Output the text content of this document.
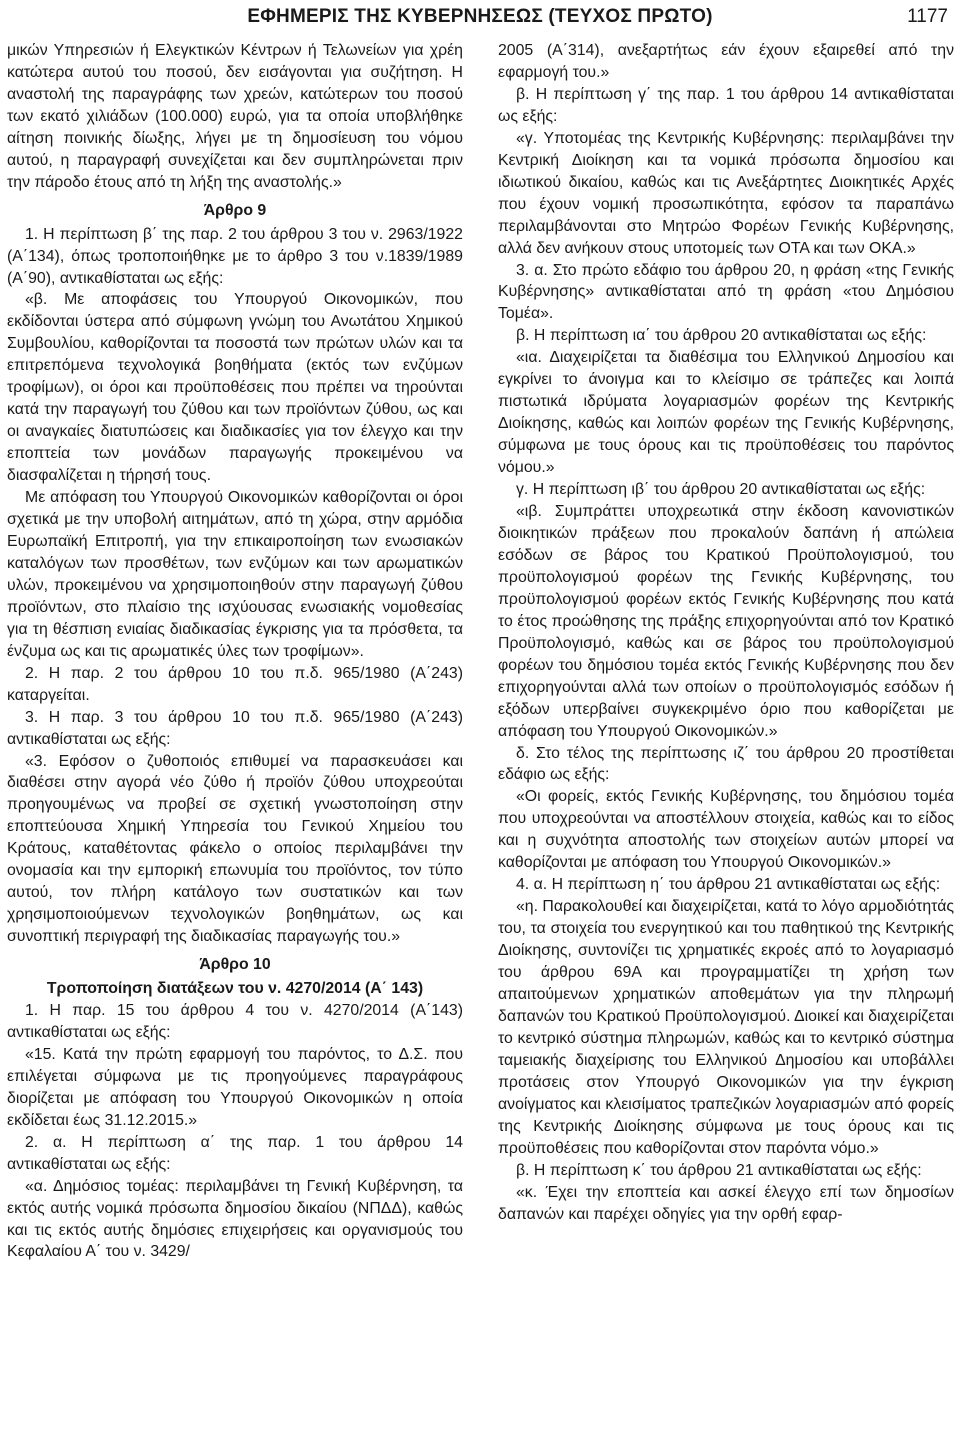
ΕΦΗΜΕΡΙΣ ΤΗΣ ΚΥΒΕΡΝΗΣΕΩΣ (ΤΕΥΧΟΣ ΠΡΩΤΟ)	1177

μικών Υπηρεσιών ή Ελεγκτικών Κέντρων ή Τελωνείων για χρέη κατώτερα αυτού του ποσού, δεν εισάγονται για συζήτηση. Η αναστολή της παραγράφης των χρεών, κατώτερων του ποσού των εκατό χιλιάδων (100.000) ευρώ, για τα οποία υποβλήθηκε αίτηση ποινικής δίωξης, λήγει με τη δημοσίευση του νόμου αυτού, η παραγραφή συνεχίζεται και δεν συμπληρώνεται πριν την πάροδο έτους από τη λήξη της αναστολής.»

Άρθρο 9

1. Η περίπτωση β΄ της παρ. 2 του άρθρου 3 του ν. 2963/1922 (Α΄134), όπως τροποποιήθηκε με το άρθρο 3 του ν.1839/1989 (Α΄90), αντικαθίσταται ως εξής:

«β. Με αποφάσεις του Υπουργού Οικονομικών, που εκδίδονται ύστερα από σύμφωνη γνώμη του Ανωτάτου Χημικού Συμβουλίου, καθορίζονται τα ποσοστά των πρώτων υλών και τα επιτρεπόμενα τεχνολογικά βοηθήματα (εκτός των ενζύμων τροφίμων), οι όροι και προϋποθέσεις που πρέπει να τηρούνται κατά την παραγωγή του ζύθου και των προϊόντων ζύθου, ως και οι αναγκαίες διατυπώσεις και διαδικασίες για τον έλεγχο και την εποπτεία των μονάδων παραγωγής προκειμένου να διασφαλίζεται η τήρησή τους.

Με απόφαση του Υπουργού Οικονομικών καθορίζονται οι όροι σχετικά με την υποβολή αιτημάτων, από τη χώρα, στην αρμόδια Ευρωπαϊκή Επιτροπή, για την επικαιροποίηση των ενωσιακών καταλόγων των προσθέτων, των ενζύμων και των αρωματικών υλών, προκειμένου να χρησιμοποιηθούν στην παραγωγή ζύθου προϊόντων, στο πλαίσιο της ισχύουσας ενωσιακής νομοθεσίας για τη θέσπιση ενιαίας διαδικασίας έγκρισης για τα πρόσθετα, τα ένζυμα ως και τις αρωματικές ύλες των τροφίμων».

2. Η παρ. 2 του άρθρου 10 του π.δ. 965/1980 (Α΄243) καταργείται.

3. Η παρ. 3 του άρθρου 10 του π.δ. 965/1980 (Α΄243) αντικαθίσταται ως εξής:

«3. Εφόσον ο ζυθοποιός επιθυμεί να παρασκευάσει και διαθέσει στην αγορά νέο ζύθο ή προϊόν ζύθου υποχρεούται προηγουμένως να προβεί σε σχετική γνωστοποίηση στην εποπτεύουσα Χημική Υπηρεσία του Γενικού Χημείου του Κράτους, καταθέτοντας φάκελο ο οποίος περιλαμβάνει την ονομασία και την εμπορική επωνυμία του προϊόντος, τον τύπο αυτού, τον πλήρη κατάλογο των συστατικών και των χρησιμοποιούμενων τεχνολογικών βοηθημάτων, ως και συνοπτική περιγραφή της διαδικασίας παραγωγής του.»

Άρθρο 10

Τροποποίηση διατάξεων του ν. 4270/2014 (Α΄ 143)

1. Η παρ. 15 του άρθρου 4 του ν. 4270/2014 (Α΄143) αντικαθίσταται ως εξής:

«15. Κατά την πρώτη εφαρμογή του παρόντος, το Δ.Σ. που επιλέγεται σύμφωνα με τις προηγούμενες παραγράφους διορίζεται με απόφαση του Υπουργού Οικονομικών η οποία εκδίδεται έως 31.12.2015.»

2. α. Η περίπτωση α΄ της παρ. 1 του άρθρου 14 αντικαθίσταται ως εξής:

«α. Δημόσιος τομέας: περιλαμβάνει τη Γενική Κυβέρνηση, τα εκτός αυτής νομικά πρόσωπα δημοσίου δικαίου (ΝΠΔΔ), καθώς και τις εκτός αυτής δημόσιες επιχειρήσεις και οργανισμούς του Κεφαλαίου Α΄ του ν. 3429/

2005 (Α΄314), ανεξαρτήτως εάν έχουν εξαιρεθεί από την εφαρμογή του.»

β. Η περίπτωση γ΄ της παρ. 1 του άρθρου 14 αντικαθίσταται ως εξής:

«γ. Υποτομέας της Κεντρικής Κυβέρνησης: περιλαμβάνει την Κεντρική Διοίκηση και τα νομικά πρόσωπα δημοσίου και ιδιωτικού δικαίου, καθώς και τις Ανεξάρτητες Διοικητικές Αρχές που έχουν νομική προσωπικότητα, εφόσον τα παραπάνω περιλαμβάνονται στο Μητρώο Φορέων Γενικής Κυβέρνησης, αλλά δεν ανήκουν στους υποτομείς των ΟΤΑ και των ΟΚΑ.»

3. α. Στο πρώτο εδάφιο του άρθρου 20, η φράση «της Γενικής Κυβέρνησης» αντικαθίσταται από τη φράση «του Δημόσιου Τομέα».

β. Η περίπτωση ια΄ του άρθρου 20 αντικαθίσταται ως εξής:

«ια. Διαχειρίζεται τα διαθέσιμα του Ελληνικού Δημοσίου και εγκρίνει το άνοιγμα και το κλείσιμο σε τράπεζες και λοιπά πιστωτικά ιδρύματα λογαριασμών φορέων της Κεντρικής Διοίκησης, καθώς και λοιπών φορέων της Γενικής Κυβέρνησης, σύμφωνα με τους όρους και τις προϋποθέσεις του παρόντος νόμου.»

γ. Η περίπτωση ιβ΄ του άρθρου 20 αντικαθίσταται ως εξής:

«ιβ. Συμπράττει υποχρεωτικά στην έκδοση κανονιστικών διοικητικών πράξεων που προκαλούν δαπάνη ή απώλεια εσόδων σε βάρος του Κρατικού Προϋπολογισμού, του προϋπολογισμού φορέων της Γενικής Κυβέρνησης, του προϋπολογισμού φορέων εκτός Γενικής Κυβέρνησης που κατά το έτος προώθησης της πράξης επιχορηγούνται από τον Κρατικό Προϋπολογισμό, καθώς και σε βάρος του προϋπολογισμού φορέων του δημόσιου τομέα εκτός Γενικής Κυβέρνησης που δεν επιχορηγούνται αλλά των οποίων ο προϋπολογισμός εσόδων ή εξόδων υπερβαίνει συγκεκριμένο όριο που καθορίζεται με απόφαση του Υπουργού Οικονομικών.»

δ. Στο τέλος της περίπτωσης ιζ΄ του άρθρου 20 προστίθεται εδάφιο ως εξής:

«Οι φορείς, εκτός Γενικής Κυβέρνησης, του δημόσιου τομέα που υποχρεούνται να αποστέλλουν στοιχεία, καθώς και το είδος και η συχνότητα αποστολής των στοιχείων αυτών μπορεί να καθορίζονται με απόφαση του Υπουργού Οικονομικών.»

4. α. Η περίπτωση η΄ του άρθρου 21 αντικαθίσταται ως εξής:

«η. Παρακολουθεί και διαχειρίζεται, κατά το λόγο αρμοδιότητάς του, τα στοιχεία του ενεργητικού και του παθητικού της Κεντρικής Διοίκησης, συντονίζει τις χρηματικές εκροές από το λογαριασμό του άρθρου 69Α και προγραμματίζει τη χρήση των απαιτούμενων χρηματικών αποθεμάτων για την πληρωμή δαπανών του Κρατικού Προϋπολογισμού. Διοικεί και διαχειρίζεται το κεντρικό σύστημα πληρωμών, καθώς και το κεντρικό σύστημα ταμειακής διαχείρισης του Ελληνικού Δημοσίου και υποβάλλει προτάσεις στον Υπουργό Οικονομικών για την έγκριση ανοίγματος και κλεισίματος τραπεζικών λογαριασμών από φορείς της Κεντρικής Διοίκησης σύμφωνα με τους όρους και τις προϋποθέσεις που καθορίζονται στον παρόντα νόμο.»

β. Η περίπτωση κ΄ του άρθρου 21 αντικαθίσταται ως εξής:

«κ. Έχει την εποπτεία και ασκεί έλεγχο επί των δημοσίων δαπανών και παρέχει οδηγίες για την ορθή εφαρ-
